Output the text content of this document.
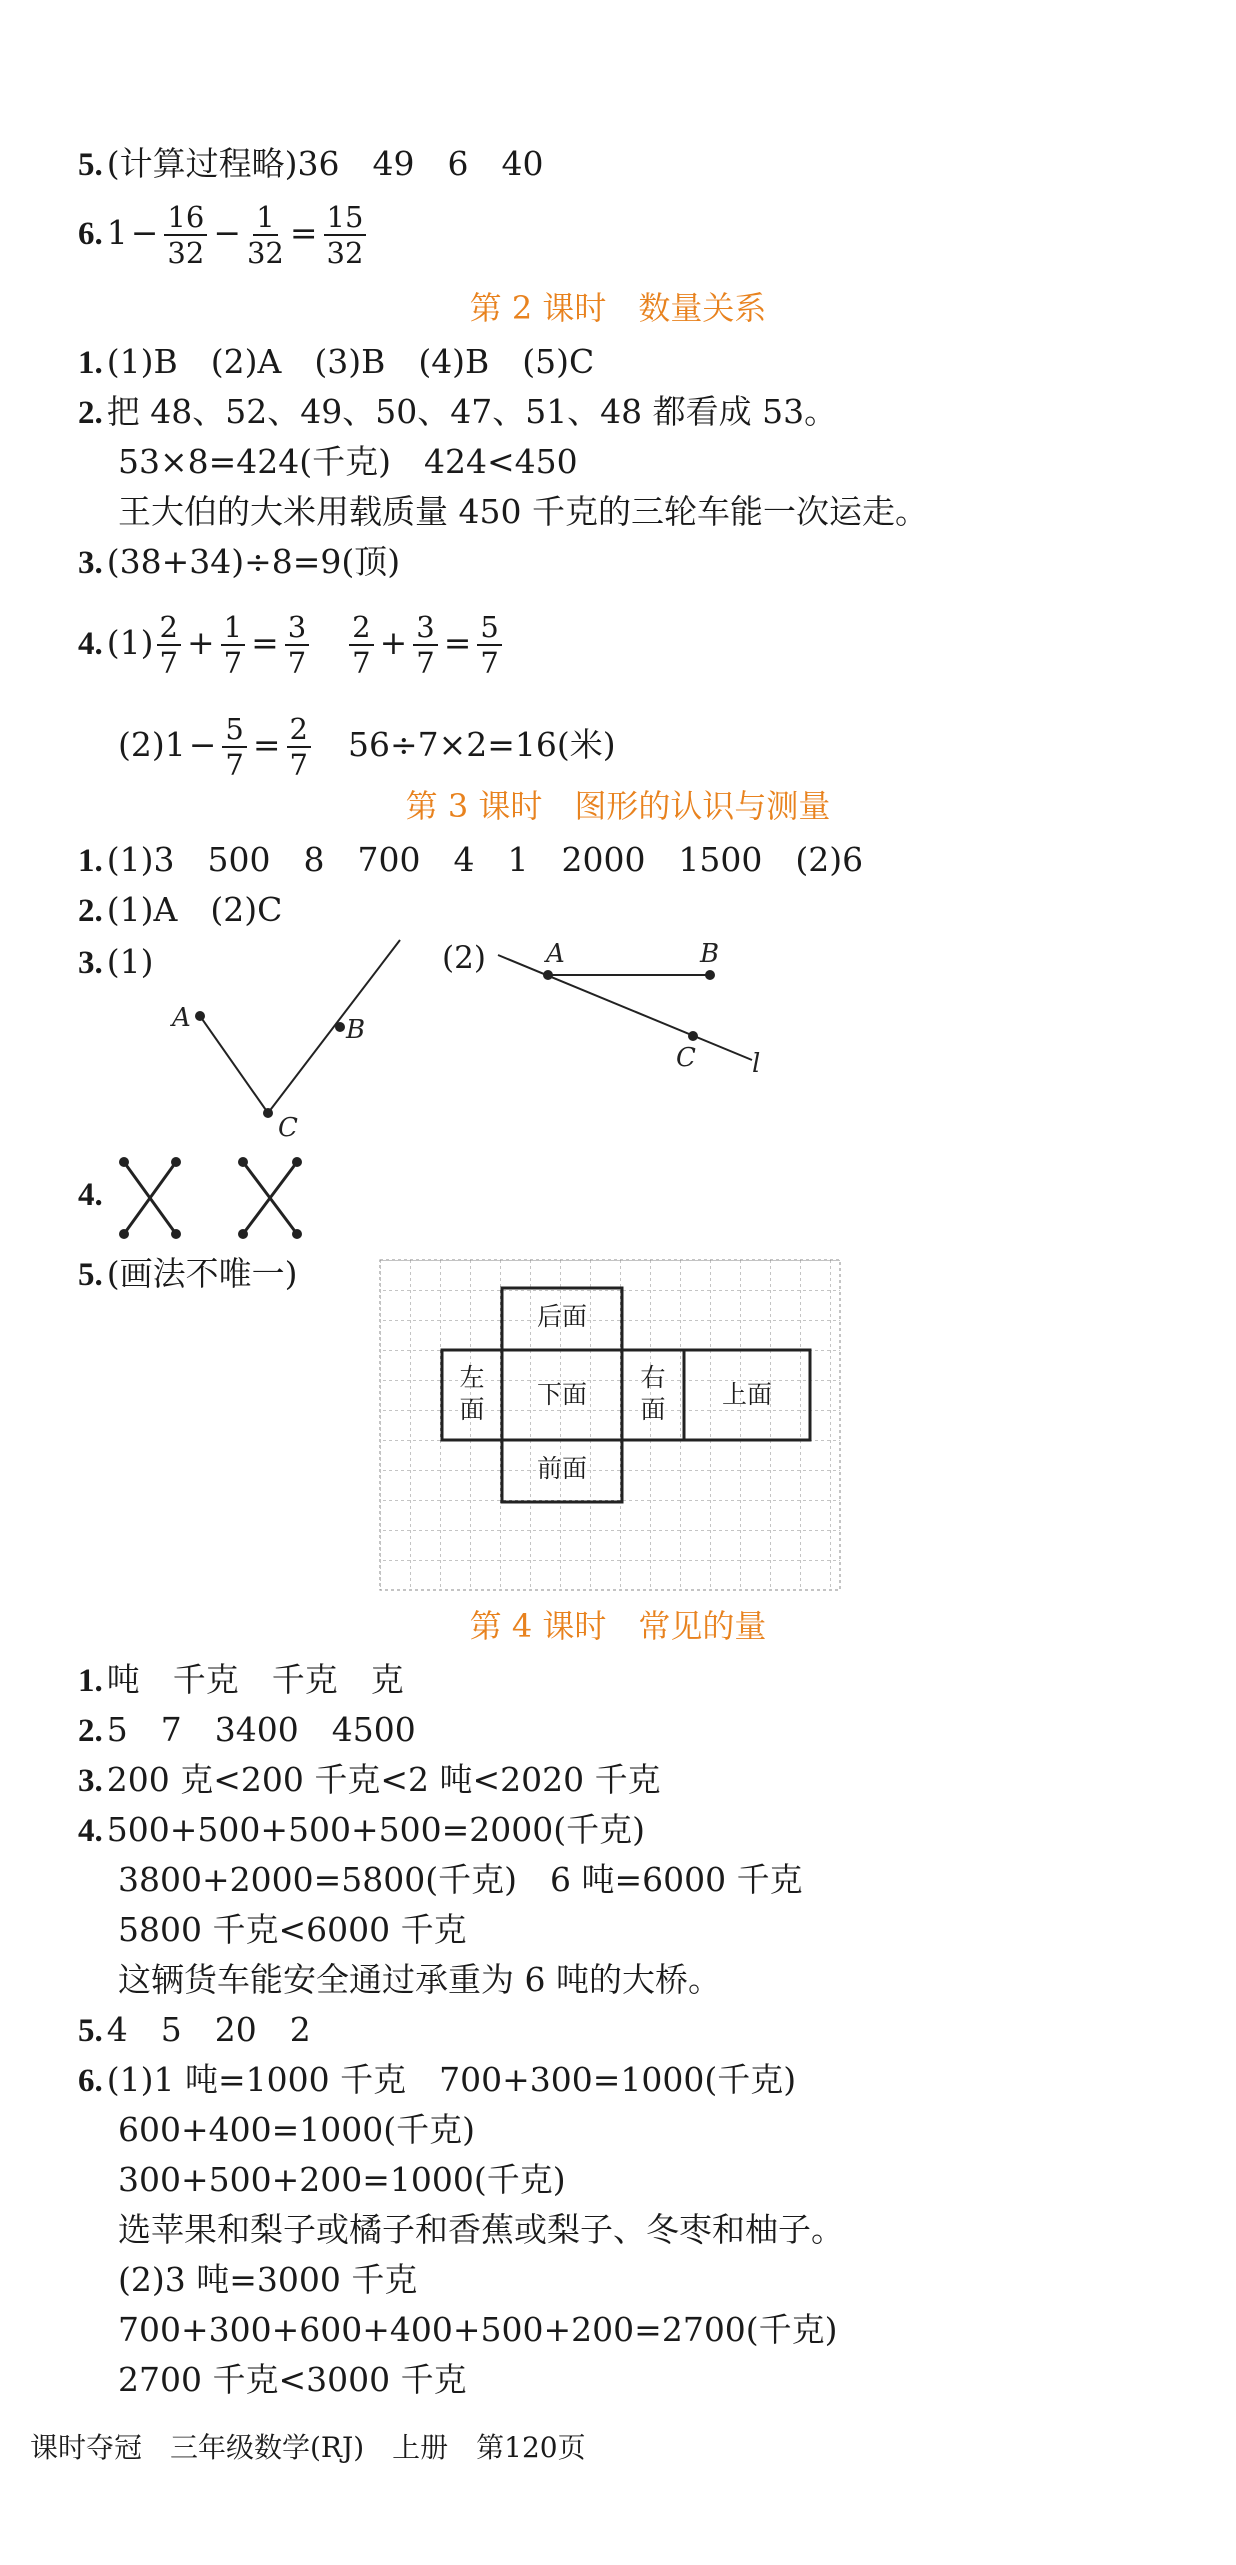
5. (计算过程略)36　49　6　40
6. $1- \frac{16}{32} - \frac{1}{32} = \frac{15}{32}$
第 2 课时　数量关系
1. (1)B　(2)A　(3)B　(4)B　(5)C
2. 把 48、52、49、50、47、51、48 都看成 53。
53×8=424(千克)　424<450
王大伯的大米用载质量 450 千克的三轮车能一次运走。
3. (38+34)÷8=9(顶)
4. $(1) \frac{2}{7} + \frac{1}{7} = \frac{3}{7} \frac{2}{7} + \frac{3}{7} = \frac{5}{7}$
$(2)1- \frac{5}{7} = \frac{2}{7} 56\div 7\times 2=16$(米)
第 3 课时　图形的认识与测量
1. (1)3　500　8　700　4　1　2000　1500　(2)6
2. (1)A　(2)C
3. (1)
A	B
C
(2) A	B
C l
后面
左
面
下面
右
面
上面
前面
4.
5. (画法不唯一)
第 4 课时　常见的量
1. 吨　千克　千克　克
2. 5　7　3400　4500
3. 200 克<200 千克<2 吨<2020 千克
4. 500+500+500+500=2000(千克)
3800+2000=5800(千克)　6 吨=6000 千克
5800 千克<6000 千克
这辆货车能安全通过承重为 6 吨的大桥。
5. 4　5　20　2
6. (1)1 吨=1000 千克　700+300=1000(千克)
600+400=1000(千克)
300+500+200=1000(千克)
选苹果和梨子或橘子和香蕉或梨子、冬枣和柚子。
(2)3 吨=3000 千克
700+300+600+400+500+200=2700(千克)
2700 千克<3000 千克
课时夺冠　三年级数学(RJ)　上册　第120页
